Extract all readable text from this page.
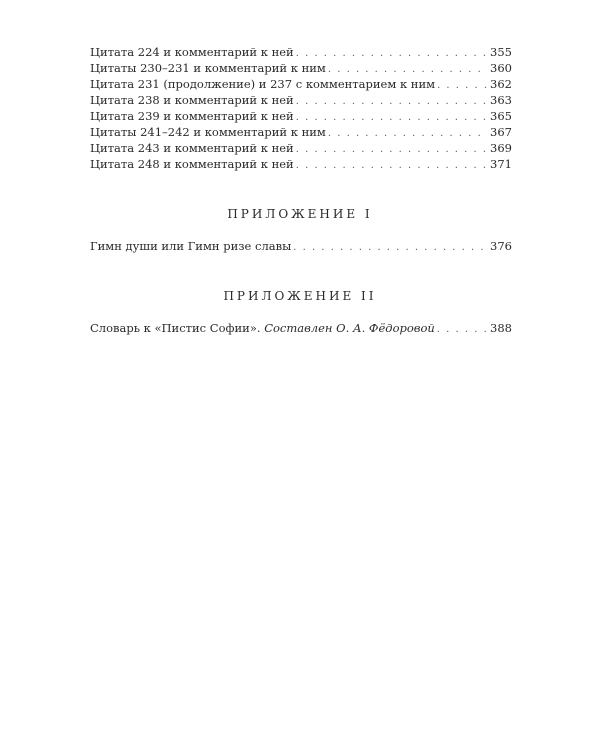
Цитата 224 и комментарий к ней . . .	355
Цитаты 230–231 и комментарий к ним . . .	360
Цитата 231 (продолжение) и 237 с комментарием к ним . . .	362
Цитата 238 и комментарий к ней . . .	363
Цитата 239 и комментарий к ней . . .	365
Цитаты 241–242 и комментарий к ним . . .	367
Цитата 243 и комментарий к ней . . .	369
Цитата 248 и комментарий к ней . . .	371
ПРИЛОЖЕНИЕ I
Гимн души или Гимн ризе славы . . .	376
ПРИЛОЖЕНИЕ II
Словарь к «Пистис Софии». Составлен О. А. Фёдоровой . . .	388
